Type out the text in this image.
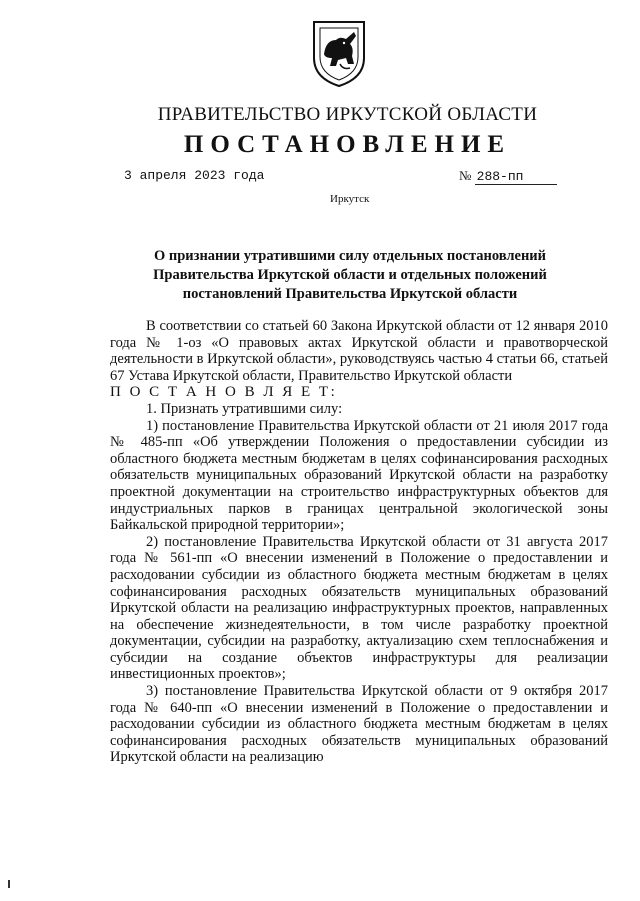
ПРАВИТЕЛЬСТВО ИРКУТСКОЙ ОБЛАСТИ
ПОСТАНОВЛЕНИЕ
3 апреля 2023 года	№ 288-пп
Иркутск
О признании утратившими силу отдельных постановлений Правительства Иркутской области и отдельных положений постановлений Правительства Иркутской области

В соответствии со статьей 60 Закона Иркутской области от 12 января 2010 года № 1-оз «О правовых актах Иркутской области и правотворческой деятельности в Иркутской области», руководствуясь частью 4 статьи 66, статьей 67 Устава Иркутской области, Правительство Иркутской области

П О С Т А Н О В Л Я Е Т:

1. Признать утратившими силу:

1) постановление Правительства Иркутской области от 21 июля 2017 года № 485-пп «Об утверждении Положения о предоставлении субсидии из областного бюджета местным бюджетам в целях софинансирования расходных обязательств муниципальных образований Иркутской области на разработку проектной документации на строительство инфраструктурных объектов для индустриальных парков в границах центральной экологической зоны Байкальской природной территории»;

2) постановление Правительства Иркутской области от 31 августа 2017 года № 561-пп «О внесении изменений в Положение о предоставлении и расходовании субсидии из областного бюджета местным бюджетам в целях софинансирования расходных обязательств муниципальных образований Иркутской области на реализацию инфраструктурных проектов, направленных на обеспечение жизнедеятельности, в том числе разработку проектной документации, субсидии на разработку, актуализацию схем теплоснабжения и субсидии на создание объектов инфраструктуры для реализации инвестиционных проектов»;

3) постановление Правительства Иркутской области от 9 октября 2017 года № 640-пп «О внесении изменений в Положение о предоставлении и расходовании субсидии из областного бюджета местным бюджетам в целях софинансирования расходных обязательств муниципальных образований Иркутской области на реализацию
